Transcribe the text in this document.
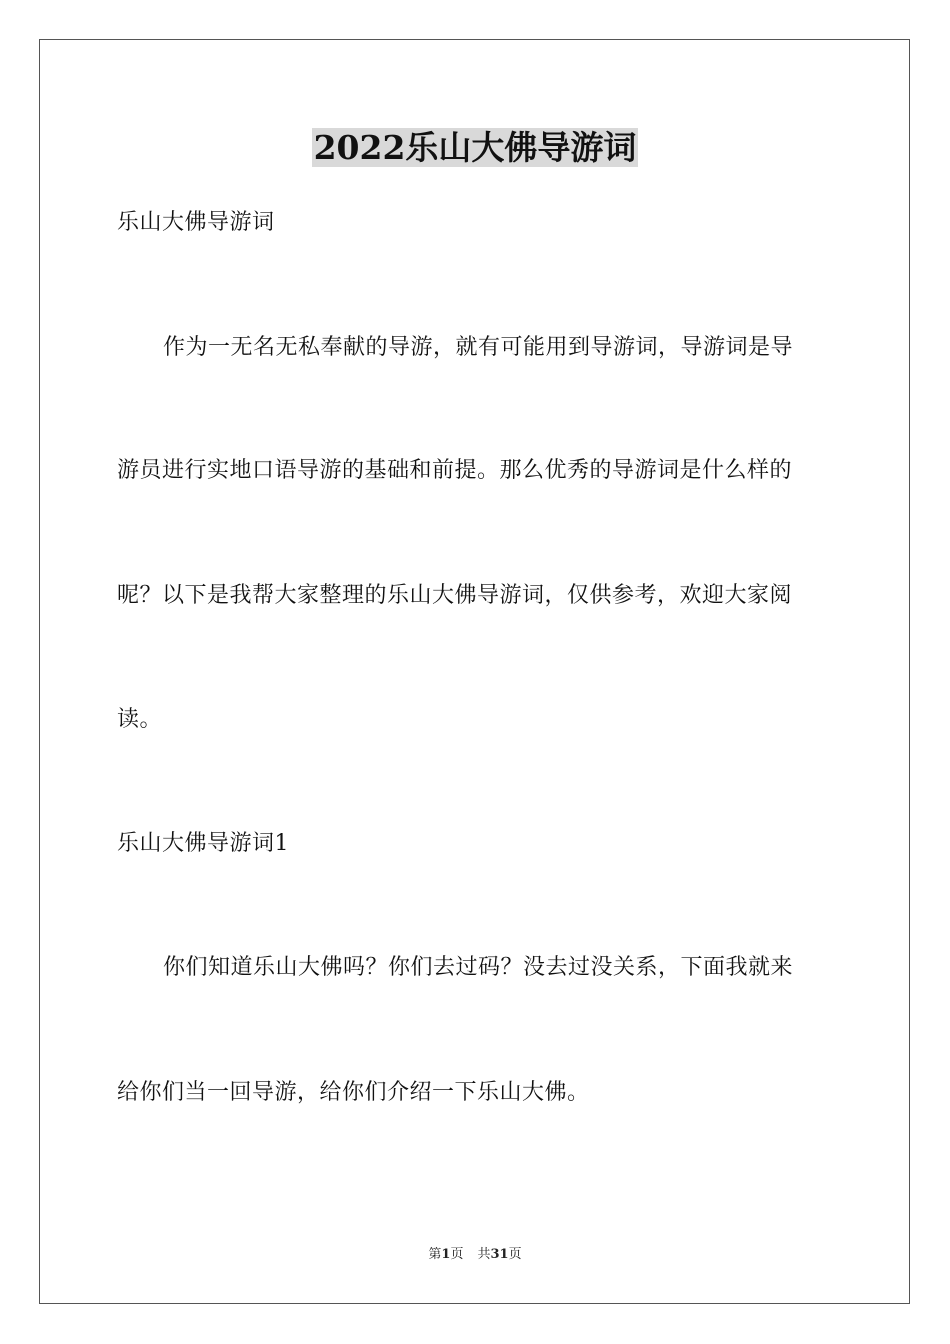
2022乐山大佛导游词
乐山大佛导游词
作为一无名无私奉献的导游，就有可能用到导游词，导游词是导
游员进行实地口语导游的基础和前提。那么优秀的导游词是什么样的
呢？以下是我帮大家整理的乐山大佛导游词，仅供参考，欢迎大家阅
读。
乐山大佛导游词1
你们知道乐山大佛吗？你们去过码？没去过没关系，下面我就来
给你们当一回导游，给你们介绍一下乐山大佛。
第1页 共31页
